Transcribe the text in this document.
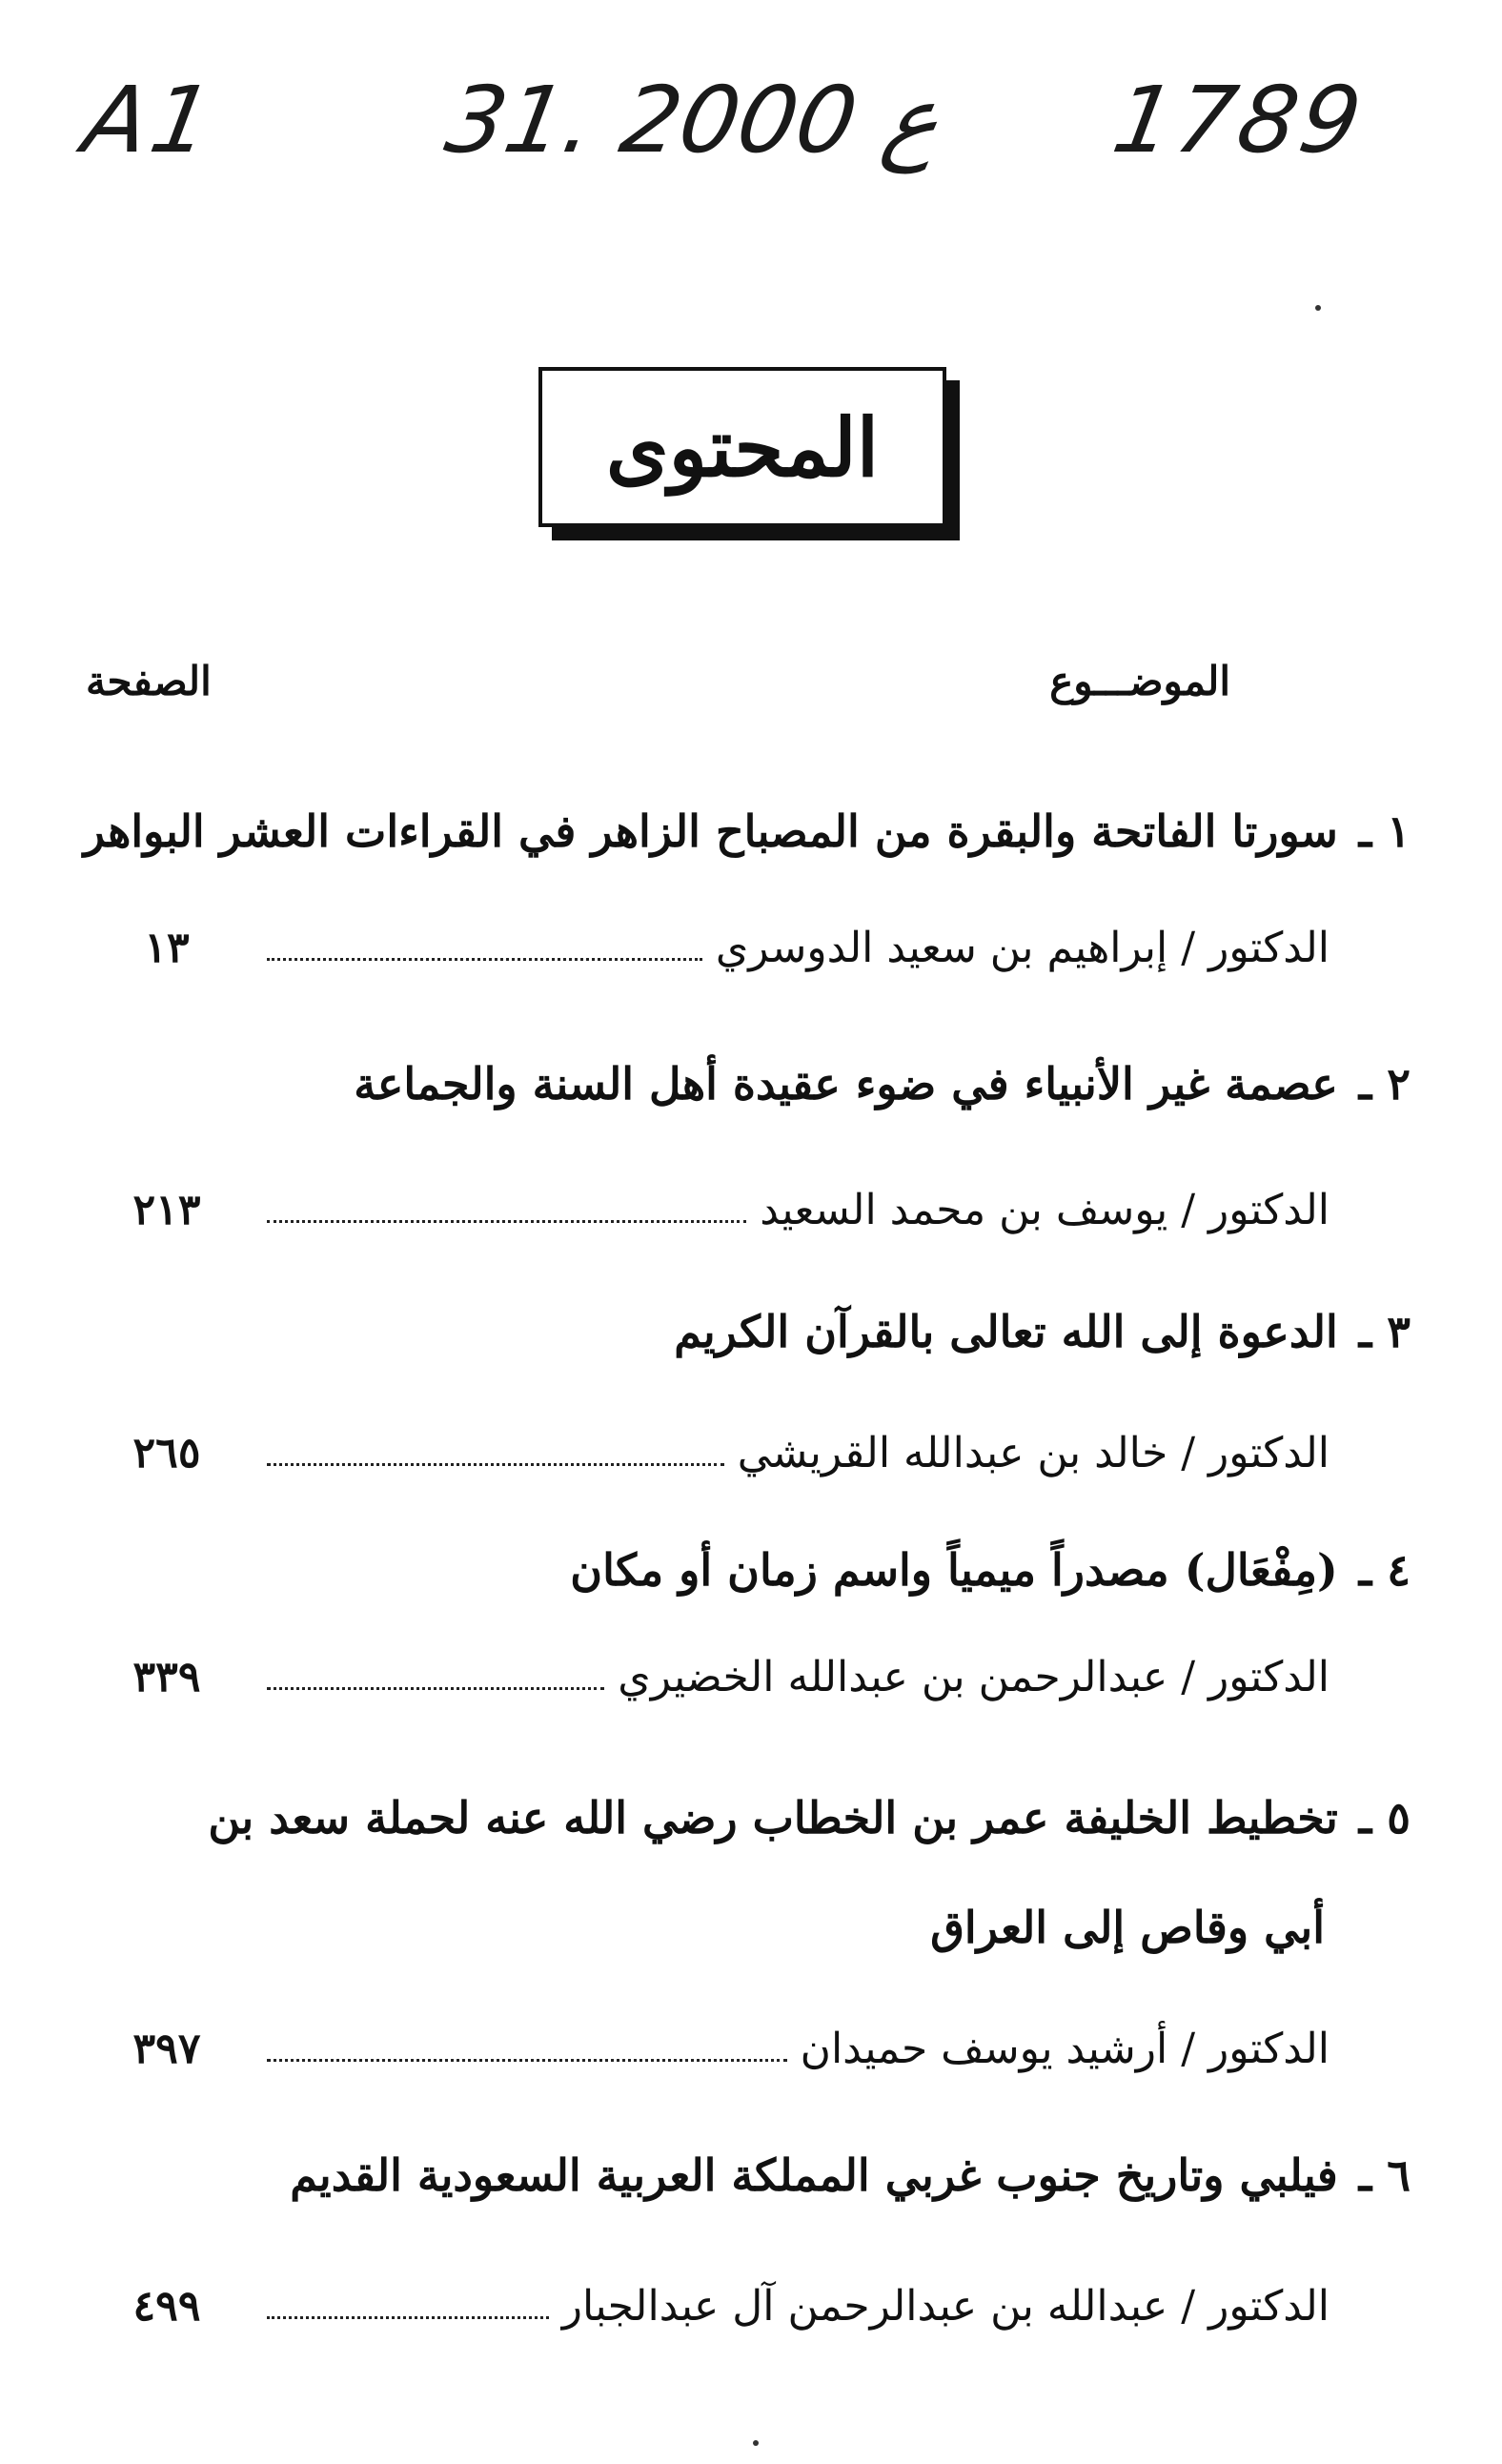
A1 31. ع 2000 1789
المحتوى
الموضـــوع
الصفحة
١ ـسورتا الفاتحة والبقرة من المصباح الزاهر في القراءات العشر البواهر
الدكتور / إبراهيم بن سعيد الدوسري
١٣
٢ ـعصمة غير الأنبياء في ضوء عقيدة أهل السنة والجماعة
الدكتور / يوسف بن محمد السعيد
٢١٣
٣ ـالدعوة إلى الله تعالى بالقرآن الكريم
الدكتور / خالد بن عبدالله القريشي
٢٦٥
٤ ـ(مِفْعَال) مصدراً ميمياً واسم زمان أو مكان
الدكتور / عبدالرحمن بن عبدالله الخضيري
٣٣٩
٥ ـتخطيط الخليفة عمر بن الخطاب رضي الله عنه لحملة سعد بن
أبي وقاص إلى العراق
الدكتور / أرشيد يوسف حميدان
٣٩٧
٦ ـفيلبي وتاريخ جنوب غربي المملكة العربية السعودية القديم
الدكتور / عبدالله بن عبدالرحمن آل عبدالجبار
٤٩٩
